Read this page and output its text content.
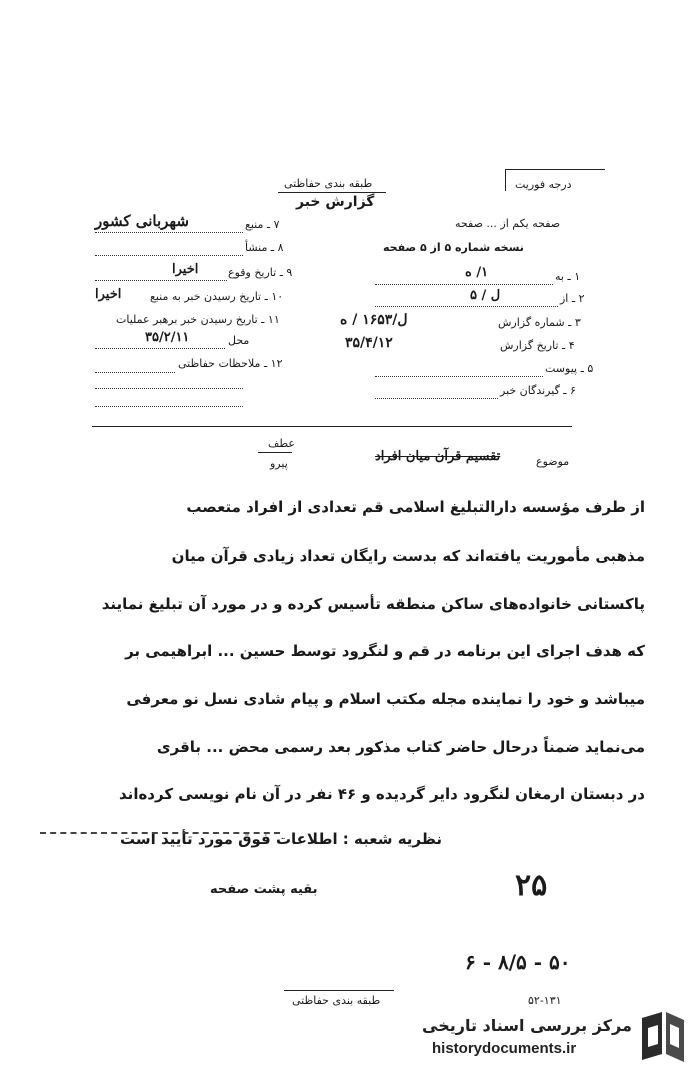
طبقه بندی حفاظتی
گزارش خبر
درجه فوریت
صفحه یکم از ... صفحه
نسخه شماره ۵ از ۵ صفحه
شهربانی کشور	۷ ـ منبع
۸ ـ منشأ
۹ ـ تاریخ وقوع
اخیرا
۱۰ ـ تاریخ رسیدن خبر به منبع
اخیرا
۱۱ ـ تاریخ رسیدن خبر برهبر عملیات
محل
۳۵/۲/۱۱
۱۲ ـ ملاحظات حفاظتی
۱ ـ به
۱/ ه
۲ ـ از
ل / ۵
۳ ـ شماره گزارش
ل/۱۶۵۳ / ه
۴ ـ تاریخ گزارش
۳۵/۴/۱۲
۵ ـ پیوست
۶ ـ گیرندگان خبر
موضوع
تقسیم قرآن میان افراد
عطف
پیرو
از طرف مؤسسه دارالتبلیغ اسلامی قم تعدادی از افراد متعصب
مذهبی مأموریت یافته‌اند که بدست رایگان تعداد زیادی قرآن میان
پاکستانی خانواده‌های ساکن منطقه تأسیس کرده و در مورد آن تبلیغ نمایند
که هدف اجرای این برنامه در قم و لنگرود توسط حسین ... ابراهیمی بر
میباشد و خود را نماینده مجله مکتب اسلام و پیام شادی نسل نو معرفی
می‌نماید ضمناً درحال حاضر کتاب مذکور بعد رسمی محض ... باقری
در دبستان ارمغان لنگرود دایر گردیده و ۴۶ نفر در آن نام نویسی کرده‌اند
نظریه شعبه : اطلاعات فوق مورد تأیید است
بقیه پشت صفحه	۲۵
۵۰ - ۸/۵ - ۶
۵۲-۱۳۱
طبقه بندی حفاظتی
مرکز بررسی اسناد تاریخی
historydocuments.ir
